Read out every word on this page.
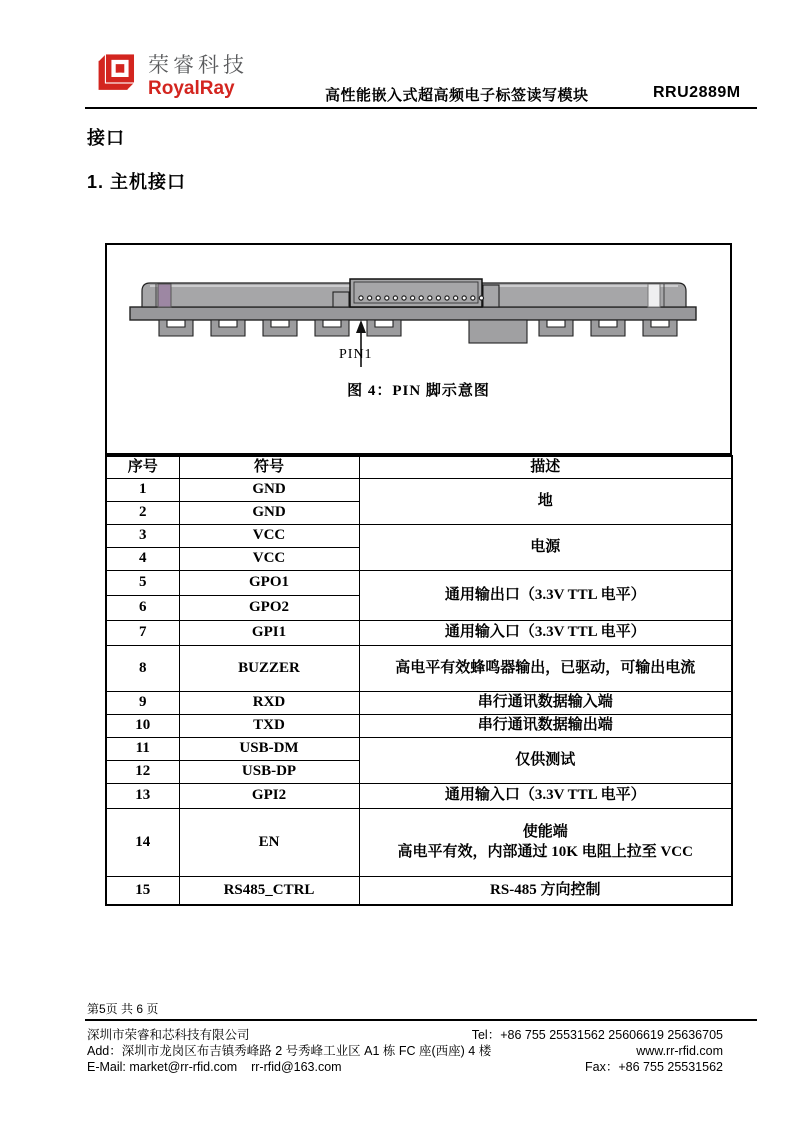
荣睿科技
RoyalRay	高性能嵌入式超高频电子标签读写模块	RRU2889M
接口
1. 主机接口
PIN1
图 4：PIN 脚示意图
序号	符号	描述
1	GND	地
2	GND	
3	VCC	电源
4	VCC	
5	GPO1	通用输出口（3.3V TTL 电平）
6	GPO2	
7	GPI1	通用输入口（3.3V TTL 电平）
8	BUZZER	高电平有效蜂鸣器输出，已驱动，可输出电流
9	RXD	串行通讯数据输入端
10	TXD	串行通讯数据输出端
11	USB-DM	仅供测试
12	USB-DP	
13	GPI2	通用输入口（3.3V TTL 电平）
14	EN	使能端
高电平有效，内部通过 10K 电阻上拉至 VCC

15	RS485_CTRL	RS-485 方向控制
第5页 共 6 页
深圳市荣睿和芯科技有限公司	Tel：+86 755 25531562 25606619 25636705
Add：深圳市龙岗区布吉镇秀峰路 2 号秀峰工业区 A1 栋 FC 座(西座) 4 楼	www.rr-rfid.com
E-Mail: market@rr-rfid.com    rr-rfid@163.com	Fax：+86 755 25531562
